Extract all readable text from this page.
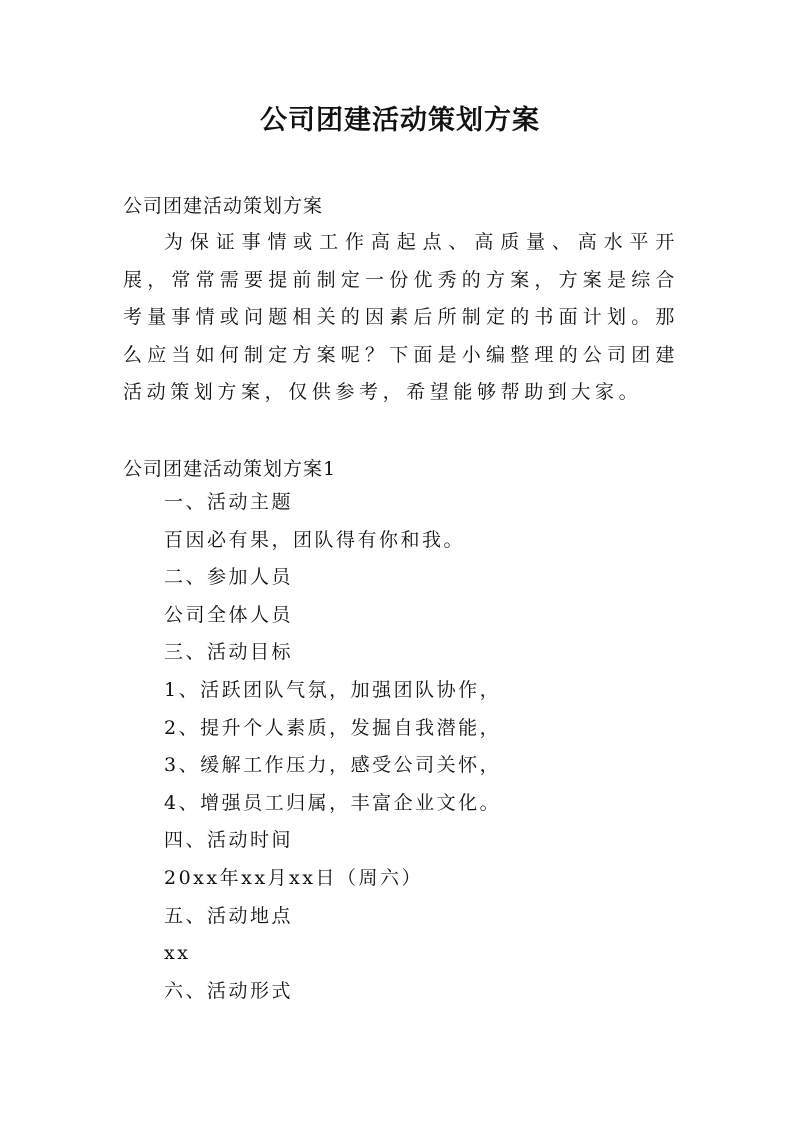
公司团建活动策划方案
公司团建活动策划方案

为保证事情或工作高起点、高质量、高水平开展，常常需要提前制定一份优秀的方案，方案是综合考量事情或问题相关的因素后所制定的书面计划。那么应当如何制定方案呢？下面是小编整理的公司团建活动策划方案，仅供参考，希望能够帮助到大家。

公司团建活动策划方案1
一、活动主题
百因必有果，团队得有你和我。
二、参加人员
公司全体人员
三、活动目标
1、活跃团队气氛，加强团队协作，
2、提升个人素质，发掘自我潜能，
3、缓解工作压力，感受公司关怀，
4、增强员工归属，丰富企业文化。
四、活动时间
20xx年xx月xx日（周六）
五、活动地点
xx
六、活动形式
